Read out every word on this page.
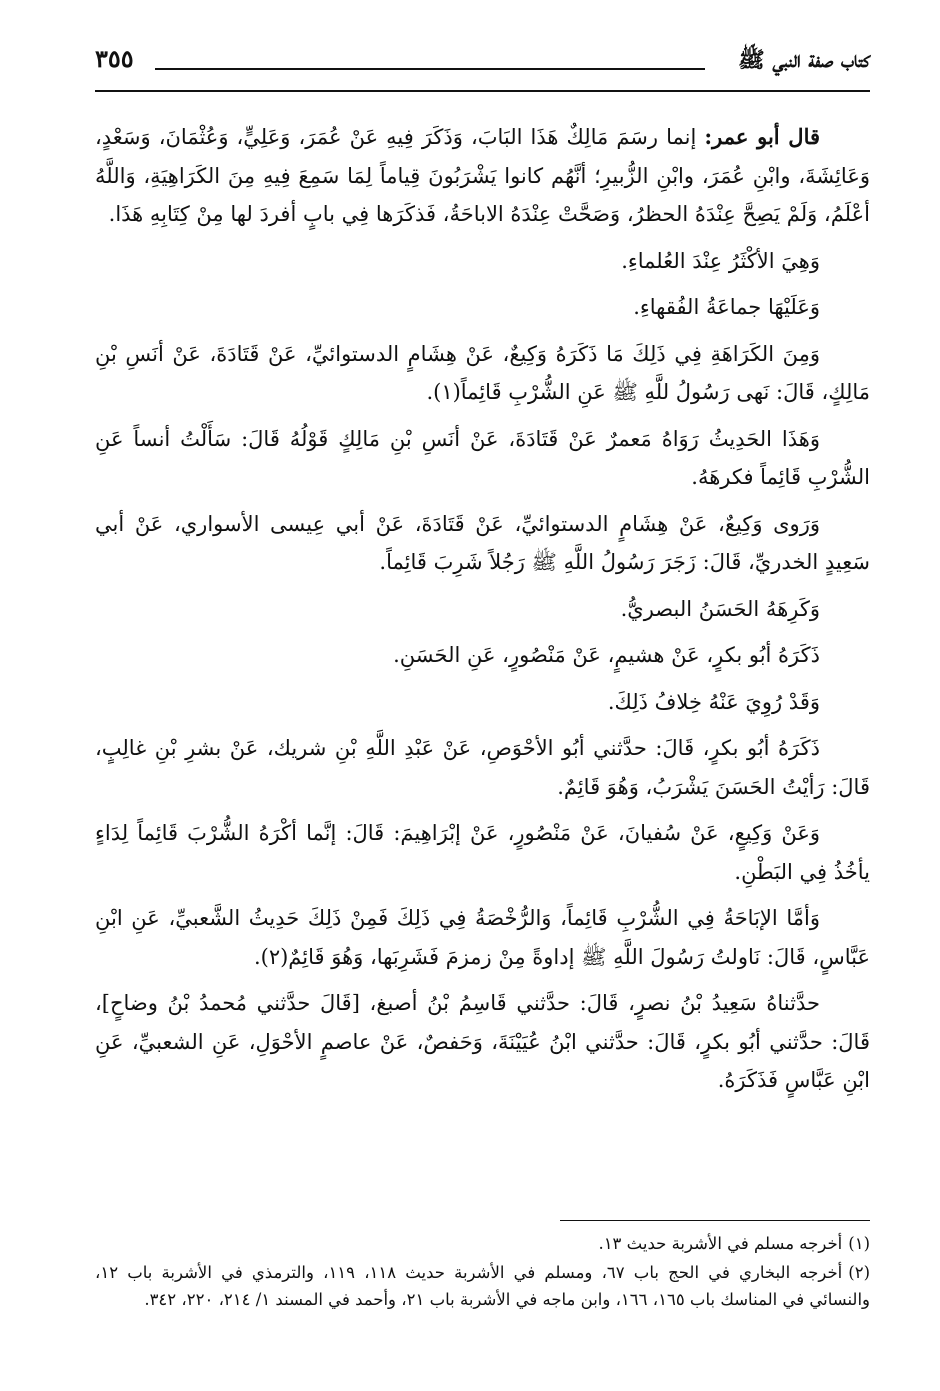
كتاب صفة النبي ﷺ
٣٥٥

قال أبو عمر: إنما رسَمَ مَالِكٌ هَذَا البَابَ، وَذَكَرَ فِيهِ عَنْ عُمَرَ، وَعَلِيٍّ، وَعُثْمَانَ، وَسَعْدٍ، وَعَائِشَةَ، وابْنِ عُمَرَ، وابْنِ الزُّبيرِ؛ أنَّهُم كانوا يَشْرَبُونَ قِياماً لِمَا سَمِعَ فِيهِ مِنَ الكَرَاهِيَةِ، وَاللَّهُ أعْلَمُ، وَلَمْ يَصِحَّ عِنْدَهُ الحظرُ، وَصَحَّتْ عِنْدَهُ الاباحَةُ، فَذكَرَها فِي بابٍ أفردَ لها مِنْ كِتَابِهِ هَذَا.

وَهِيَ الأكْثَرُ عِنْدَ العُلماءِ.

وَعَلَيْهَا جماعَةُ الفُقهاءِ.

وَمِنَ الكَرَاهَةِ فِي ذَلِكَ مَا ذَكَرَهُ وَكِيعٌ، عَنْ هِشَامٍ الدستوائيِّ، عَنْ قَتَادَةَ، عَنْ أنَسِ بْنِ مَالِكٍ، قَالَ: نَهى رَسُولُ للَّهِ ﷺ عَنِ الشُّرْبِ قَائِماً(١).

وَهَذَا الحَدِيثُ رَوَاهُ مَعمرٌ عَنْ قَتَادَةَ، عَنْ أنَسِ بْنِ مَالِكٍ قَوْلُهُ قَالَ: سَأَلْتُ أنساً عَنِ الشُّرْبِ قَائِماً فكرهَهُ.

وَرَوى وَكِيعٌ، عَنْ هِشَامٍ الدستوائيِّ، عَنْ قَتَادَةَ، عَنْ أبي عِيسى الأسواري، عَنْ أبي سَعِيدٍ الخدريِّ، قَالَ: زَجَرَ رَسُولُ اللَّهِ ﷺ رَجُلاً شَرِبَ قَائِماً.

وَكَرِهَهُ الحَسَنُ البصريُّ.

ذَكَرَهُ أبُو بكرٍ، عَنْ هشيمٍ، عَنْ مَنْصُورٍ، عَنِ الحَسَنِ.

وَقَدْ رُوِيَ عَنْهُ خِلافُ ذَلِكَ.

ذَكَرَهُ أبُو بكرٍ، قَالَ: حدَّثني أبُو الأحْوَصِ، عَنْ عَبْدِ اللَّهِ بْنِ شريك، عَنْ بشرِ بْنِ غالِبٍ، قَالَ: رَأيْتُ الحَسَنَ يَشْرَبُ، وَهُوَ قَائِمٌ.

وَعَنْ وَكِيعٍ، عَنْ سُفيانَ، عَنْ مَنْصُورٍ، عَنْ إبْرَاهِيمَ: قَالَ: إنَّما أكْرَهُ الشُّرْبَ قَائِماً لِدَاءٍ يأخُذُ فِي البَطْنِ.

وَأمَّا الإبَاحَةُ فِي الشُّرْبِ قَائِماً، وَالرُّخْصَةُ فِي ذَلِكَ فَمِنْ ذَلِكَ حَدِيثُ الشَّعبيِّ، عَنِ ابْنِ عَبَّاسٍ، قَالَ: نَاولتُ رَسُولَ اللَّهِ ﷺ إداوةً مِنْ زمزمَ فَشَرِبَها، وَهُوَ قَائِمٌ(٢).

حدَّثناهُ سَعِيدُ بْنُ نصرٍ، قَالَ: حدَّثني قَاسِمُ بْنُ أصبغ، [قَالَ حدَّثني مُحمدُ بْنُ وضاحٍ]، قَالَ: حدَّثني أبُو بكرٍ، قَالَ: حدَّثني ابْنُ عُيَيْنَةَ، وَحَفصٌ، عَنْ عاصمٍ الأحْوَلِ، عَنِ الشعبيِّ، عَنِ ابْنِ عَبَّاسٍ فَذَكَرَهُ.

(١)أخرجه مسلم في الأشربة حديث ١٣.

(٢)أخرجه البخاري في الحج باب ٦٧، ومسلم في الأشربة حديث ١١٨، ١١٩، والترمذي في الأشربة باب ١٢، والنسائي في المناسك باب ١٦٥، ١٦٦، وابن ماجه في الأشربة باب ٢١، وأحمد في المسند ١/ ٢١٤، ٢٢٠، ٣٤٢.
